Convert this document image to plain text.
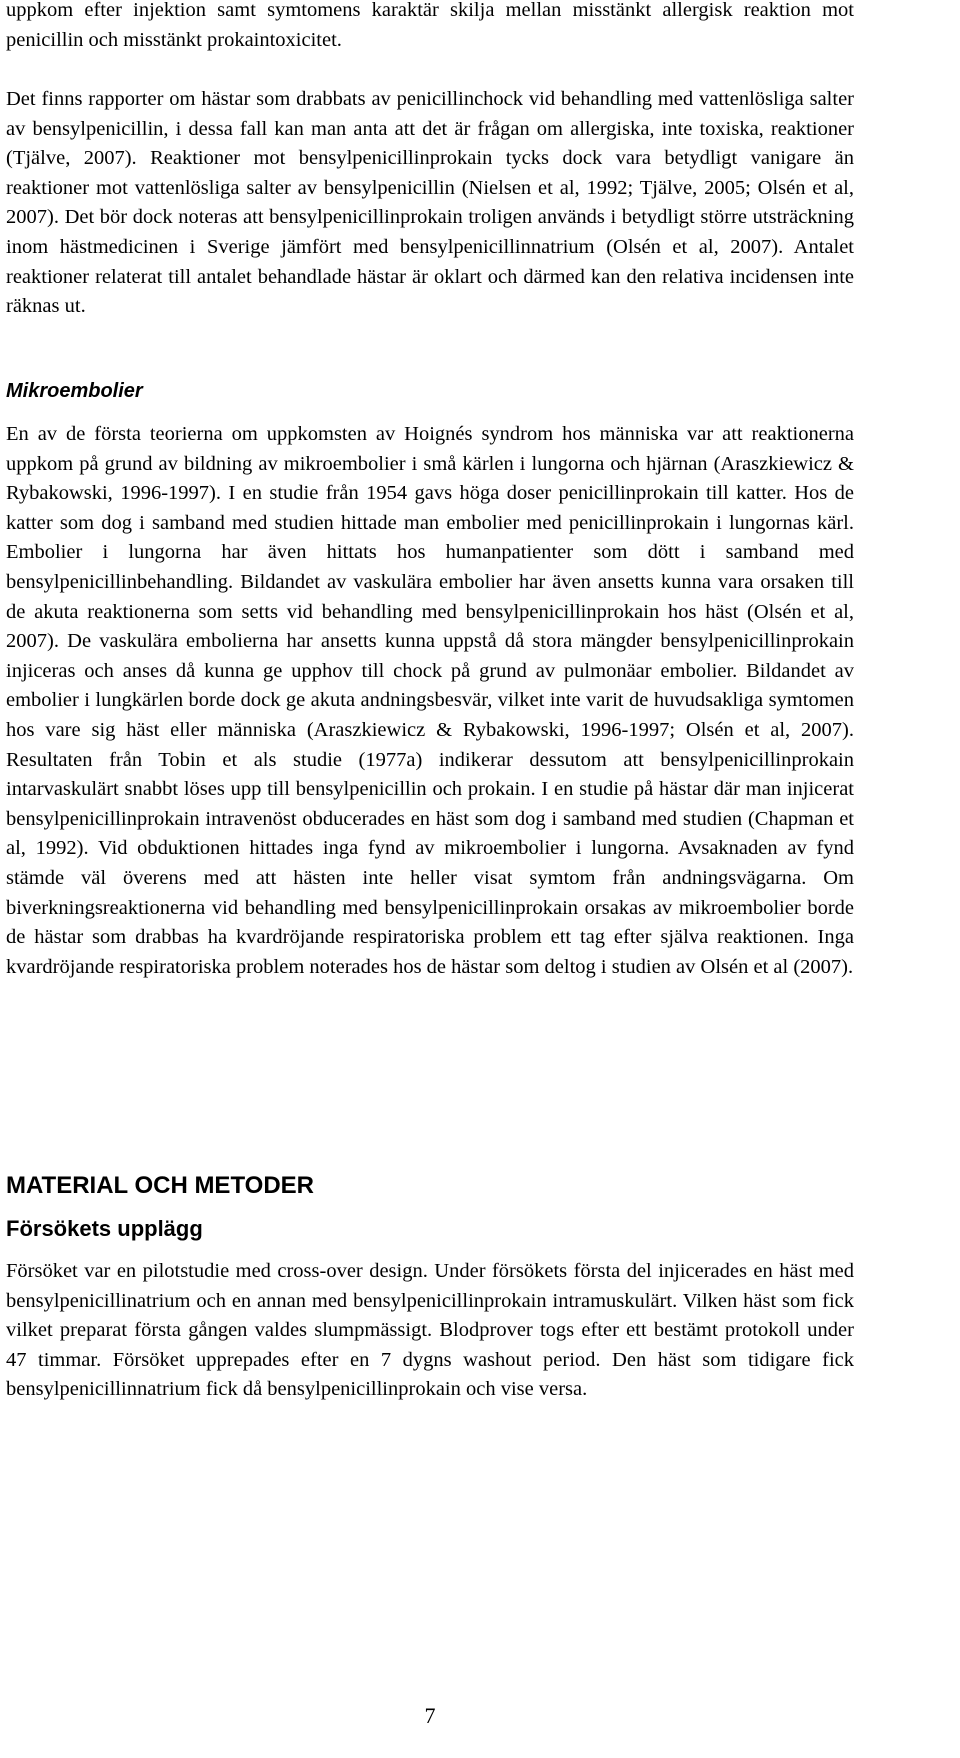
uppkom efter injektion samt symtomens karaktär skilja mellan misstänkt allergisk reaktion mot penicillin och misstänkt prokaintoxicitet.

Det finns rapporter om hästar som drabbats av penicillinchock vid behandling med vattenlösliga salter av bensylpenicillin, i dessa fall kan man anta att det är frågan om allergiska, inte toxiska, reaktioner (Tjälve, 2007). Reaktioner mot bensylpenicillinprokain tycks dock vara betydligt vanigare än reaktioner mot vattenlösliga salter av bensylpenicillin (Nielsen et al, 1992; Tjälve, 2005; Olsén et al, 2007). Det bör dock noteras att bensylpenicillinprokain troligen används i betydligt större utsträckning inom hästmedicinen i Sverige jämfört med bensylpenicillinnatrium (Olsén et al, 2007). Antalet reaktioner relaterat till antalet behandlade hästar är oklart och därmed kan den relativa incidensen inte räknas ut.

Mikroembolier

En av de första teorierna om uppkomsten av Hoignés syndrom hos människa var att reaktionerna uppkom på grund av bildning av mikroembolier i små kärlen i lungorna och hjärnan (Araszkiewicz & Rybakowski, 1996-1997). I en studie från 1954 gavs höga doser penicillinprokain till katter. Hos de katter som dog i samband med studien hittade man embolier med penicillinprokain i lungornas kärl. Embolier i lungorna har även hittats hos humanpatienter som dött i samband med bensylpenicillinbehandling. Bildandet av vaskulära embolier har även ansetts kunna vara orsaken till de akuta reaktionerna som setts vid behandling med bensylpenicillinprokain hos häst (Olsén et al, 2007). De vaskulära embolierna har ansetts kunna uppstå då stora mängder bensylpenicillinprokain injiceras och anses då kunna ge upphov till chock på grund av pulmonäar embolier. Bildandet av embolier i lungkärlen borde dock ge akuta andningsbesvär, vilket inte varit de huvudsakliga symtomen hos vare sig häst eller människa (Araszkiewicz & Rybakowski, 1996-1997; Olsén et al, 2007). Resultaten från Tobin et als studie (1977a) indikerar dessutom att bensylpenicillinprokain intarvaskulärt snabbt löses upp till bensylpenicillin och prokain. I en studie på hästar där man injicerat bensylpenicillinprokain intravenöst obducerades en häst som dog i samband med studien (Chapman et al, 1992). Vid obduktionen hittades inga fynd av mikroembolier i lungorna. Avsaknaden av fynd stämde väl överens med att hästen inte heller visat symtom från andningsvägarna. Om biverkningsreaktionerna vid behandling med bensylpenicillinprokain orsakas av mikroembolier borde de hästar som drabbas ha kvardröjande respiratoriska problem ett tag efter själva reaktionen. Inga kvardröjande respiratoriska problem noterades hos de hästar som deltog i studien av Olsén et al (2007).

MATERIAL OCH METODER
Försökets upplägg

Försöket var en pilotstudie med cross-over design. Under försökets första del injicerades en häst med bensylpenicillinatrium och en annan med bensylpenicillinprokain intramuskulärt. Vilken häst som fick vilket preparat första gången valdes slumpmässigt. Blodprover togs efter ett bestämt protokoll under 47 timmar. Försöket upprepades efter en 7 dygns washout period. Den häst som tidigare fick bensylpenicillinnatrium fick då bensylpenicillinprokain och vise versa.

7
